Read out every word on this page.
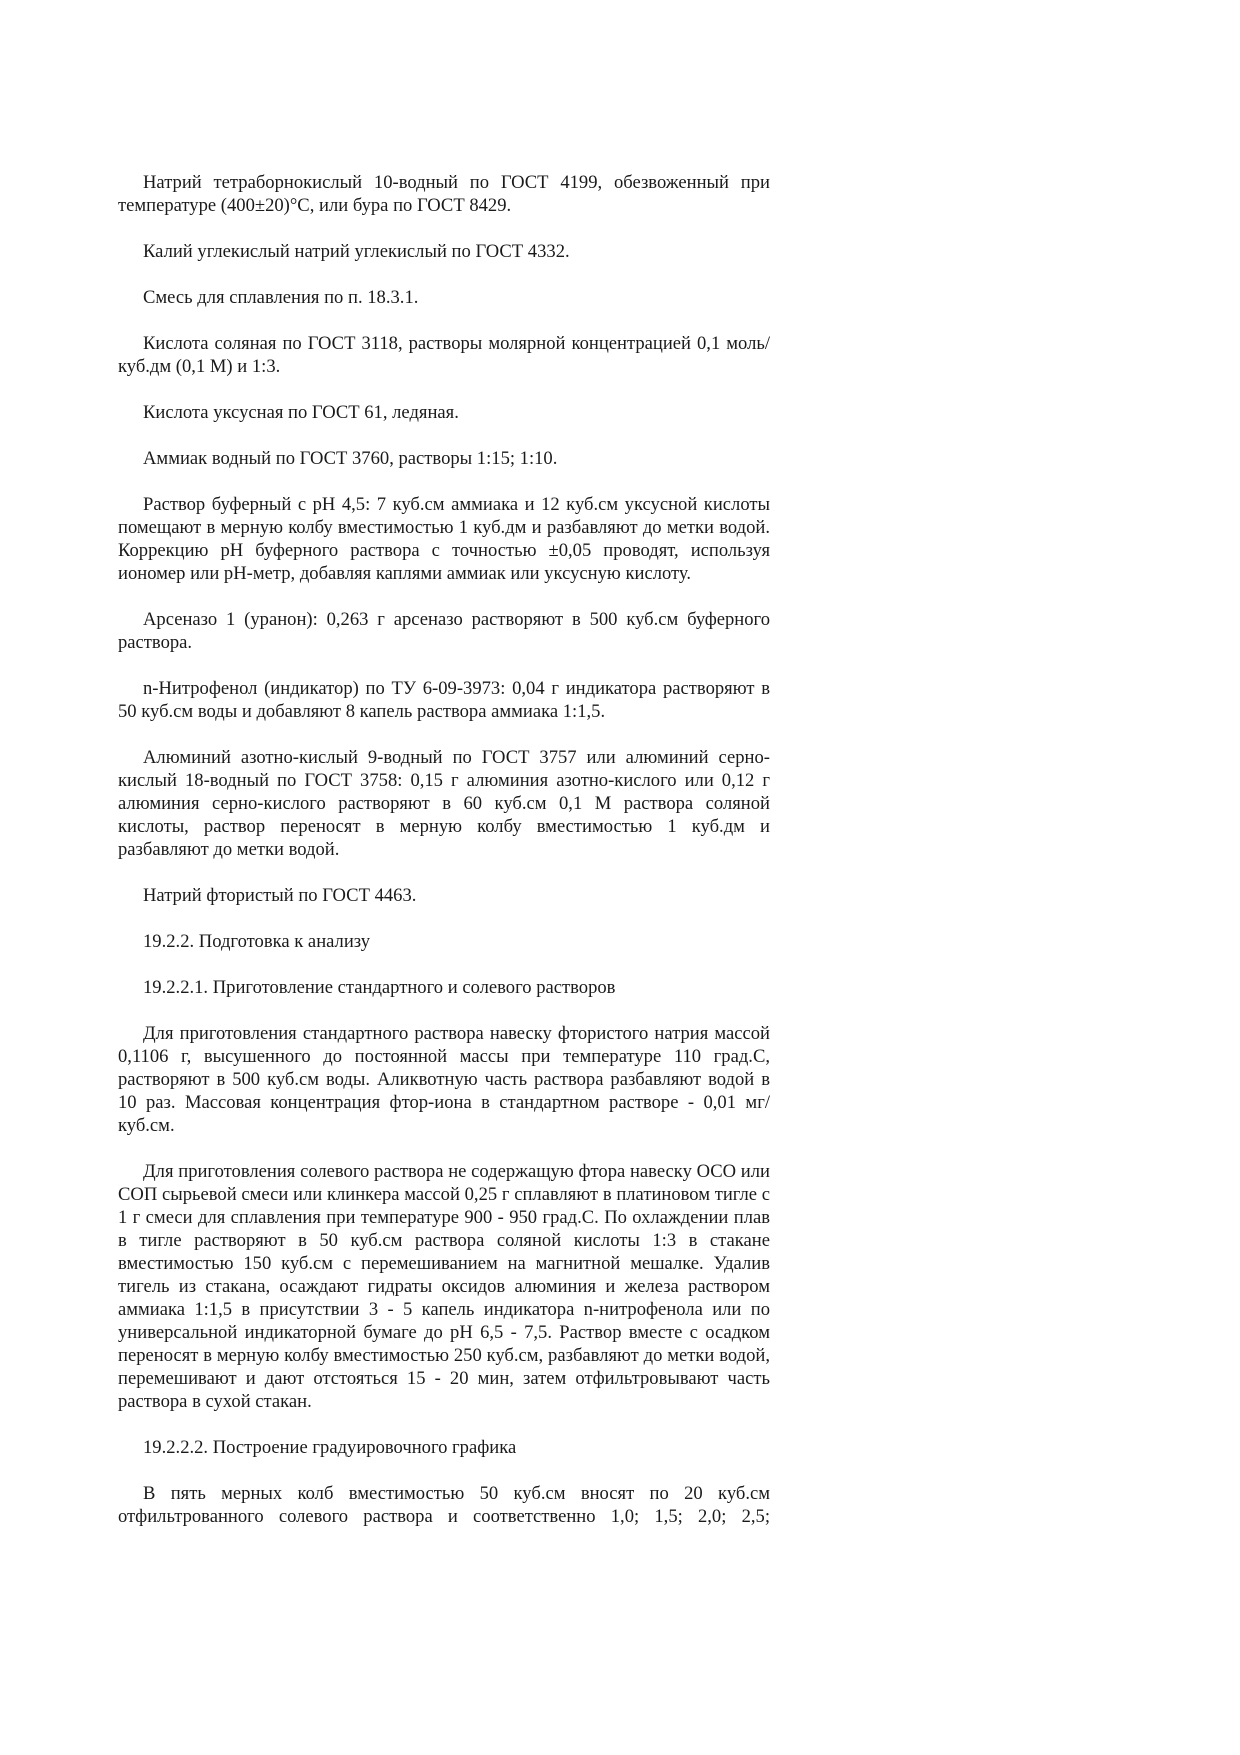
Натрий тетраборнокислый 10-водный по ГОСТ 4199, обезвоженный при температуре (400±20)°С, или бура по ГОСТ 8429.

Калий углекислый натрий углекислый по ГОСТ 4332.

Смесь для сплавления по п. 18.3.1.

Кислота соляная по ГОСТ 3118, растворы молярной концентрацией 0,1 моль/куб.дм (0,1 М) и 1:3.

Кислота уксусная по ГОСТ 61, ледяная.

Аммиак водный по ГОСТ 3760, растворы 1:15; 1:10.

Раствор буферный с рН 4,5: 7 куб.см аммиака и 12 куб.см уксусной кислоты помещают в мерную колбу вместимостью 1 куб.дм и разбавляют до метки водой. Коррекцию рН буферного раствора с точностью ±0,05 проводят, используя иономер или рН-метр, добавляя каплями аммиак или уксусную кислоту.

Арсеназо 1 (уранон): 0,263 г арсеназо растворяют в 500 куб.см буферного раствора.

n-Нитрофенол (индикатор) по ТУ 6-09-3973: 0,04 г индикатора растворяют в 50 куб.см воды и добавляют 8 капель раствора аммиака 1:1,5.

Алюминий азотно-кислый 9-водный по ГОСТ 3757 или алюминий серно-кислый 18-водный по ГОСТ 3758: 0,15 г алюминия азотно-кислого или 0,12 г алюминия серно-кислого растворяют в 60 куб.см 0,1 М раствора соляной кислоты, раствор переносят в мерную колбу вместимостью 1 куб.дм и разбавляют до метки водой.

Натрий фтористый по ГОСТ 4463.

19.2.2. Подготовка к анализу

19.2.2.1. Приготовление стандартного и солевого растворов

Для приготовления стандартного раствора навеску фтористого натрия массой 0,1106 г, высушенного до постоянной массы при температуре 110 град.С, растворяют в 500 куб.см воды. Аликвотную часть раствора разбавляют водой в 10 раз. Массовая концентрация фтор-иона в стандартном растворе - 0,01 мг/куб.см.

Для приготовления солевого раствора не содержащую фтора навеску ОСО или СОП сырьевой смеси или клинкера массой 0,25 г сплавляют в платиновом тигле с 1 г смеси для сплавления при температуре 900 - 950 град.С. По охлаждении плав в тигле растворяют в 50 куб.см раствора соляной кислоты 1:3 в стакане вместимостью 150 куб.см с перемешиванием на магнитной мешалке. Удалив тигель из стакана, осаждают гидраты оксидов алюминия и железа раствором аммиака 1:1,5 в присутствии 3 - 5 капель индикатора n-нитрофенола или по универсальной индикаторной бумаге до рН 6,5 - 7,5. Раствор вместе с осадком переносят в мерную колбу вместимостью 250 куб.см, разбавляют до метки водой, перемешивают и дают отстояться 15 - 20 мин, затем отфильтровывают часть раствора в сухой стакан.

19.2.2.2. Построение градуировочного графика

В пять мерных колб вместимостью 50 куб.см вносят по 20 куб.см отфильтрованного солевого раствора и соответственно 1,0; 1,5; 2,0; 2,5;
